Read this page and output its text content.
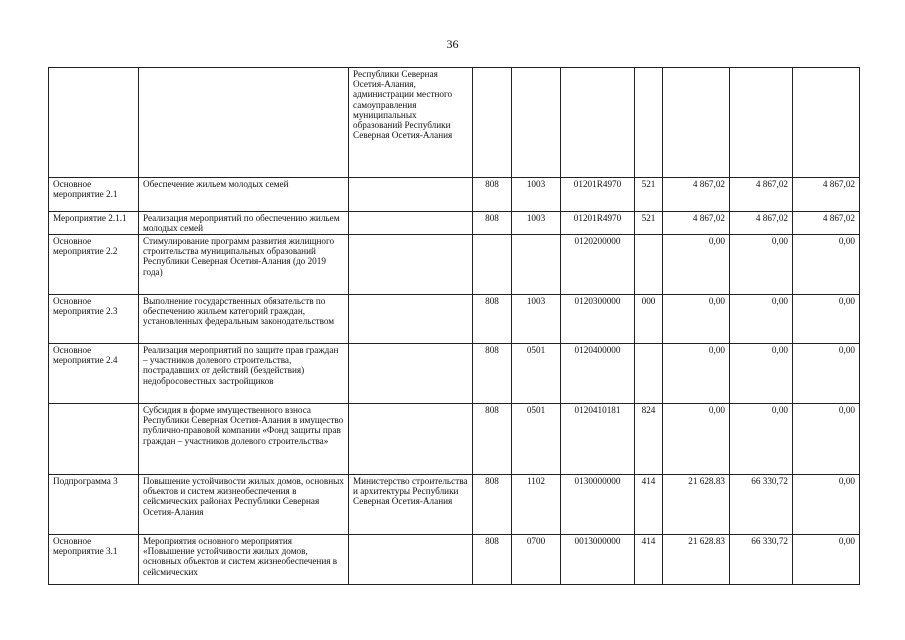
36
		Республики Северная Осетия-Алания, администрации местного самоуправления муниципальных образований Республики Северная Осетия-Алания							
Основное мероприятие 2.1	Обеспечение жильем молодых семей		808	1003	01201R4970	521	4 867,02	4 867,02	4 867,02
Мероприятие 2.1.1	Реализация мероприятий по обеспечению жильем молодых семей		808	1003	01201R4970	521	4 867,02	4 867,02	4 867,02
Основное мероприятие 2.2	Стимулирование программ развития жилищного строительства муниципальных образований Республики Северная Осетия-Алания (до 2019 года)				0120200000		0,00	0,00	0,00
Основное мероприятие 2.3	Выполнение государственных обязательств по обеспечению жильем категорий граждан, установленных федеральным законодательством		808	1003	0120300000	000	0,00	0,00	0,00
Основное мероприятие 2.4	Реализация мероприятий по защите прав граждан – участников долевого строительства, пострадавших от действий (бездействия) недобросовестных застройщиков		808	0501	0120400000		0,00	0,00	0,00
	Субсидия в форме имущественного взноса Республики Северная Осетия-Алания в имущество публично-правовой компании «Фонд защиты прав граждан – участников долевого строительства»		808	0501	0120410181	824	0,00	0,00	0,00
Подпрограмма 3	Повышение устойчивости жилых домов, основных объектов и систем жизнеобеспечения в сейсмических районах Республики Северная Осетия-Алания	Министерство строительства и архитектуры Республики Северная Осетия-Алания	808	1102	0130000000	414	21 628.83	66 330,72	0,00
Основное мероприятие 3.1	Мероприятия основного мероприятия «Повышение устойчивости жилых домов, основных объектов и систем жизнеобеспечения в сейсмических		808	0700	0013000000	414	21 628.83	66 330,72	0,00
